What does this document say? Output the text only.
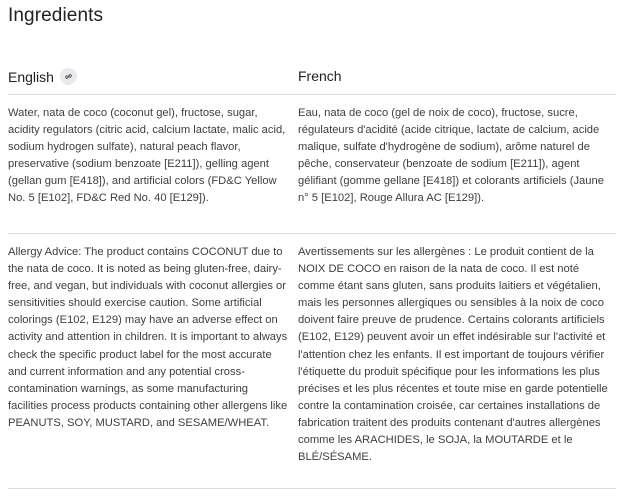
Ingredients
English	French
Water, nata de coco (coconut gel), fructose, sugar, acidity regulators (citric acid, calcium lactate, malic acid, sodium hydrogen sulfate), natural peach flavor, preservative (sodium benzoate [E211]), gelling agent (gellan gum [E418]), and artificial colors (FD&C Yellow No. 5 [E102], FD&C Red No. 40 [E129]).
Eau, nata de coco (gel de noix de coco), fructose, sucre, régulateurs d'acidité (acide citrique, lactate de calcium, acide malique, sulfate d'hydrogène de sodium), arôme naturel de pêche, conservateur (benzoate de sodium [E211]), agent gélifiant (gomme gellane [E418]) et colorants artificiels (Jaune n° 5 [E102], Rouge Allura AC [E129]).
Allergy Advice: The product contains COCONUT due to the nata de coco. It is noted as being gluten-free, dairy-free, and vegan, but individuals with coconut allergies or sensitivities should exercise caution. Some artificial colorings (E102, E129) may have an adverse effect on activity and attention in children. It is important to always check the specific product label for the most accurate and current information and any potential cross-contamination warnings, as some manufacturing facilities process products containing other allergens like PEANUTS, SOY, MUSTARD, and SESAME/WHEAT.
Avertissements sur les allergènes : Le produit contient de la NOIX DE COCO en raison de la nata de coco. Il est noté comme étant sans gluten, sans produits laitiers et végétalien, mais les personnes allergiques ou sensibles à la noix de coco doivent faire preuve de prudence. Certains colorants artificiels (E102, E129) peuvent avoir un effet indésirable sur l'activité et l'attention chez les enfants. Il est important de toujours vérifier l'étiquette du produit spécifique pour les informations les plus précises et les plus récentes et toute mise en garde potentielle contre la contamination croisée, car certaines installations de fabrication traitent des produits contenant d'autres allergènes comme les ARACHIDES, le SOJA, la MOUTARDE et le BLÉ/SÉSAME.
